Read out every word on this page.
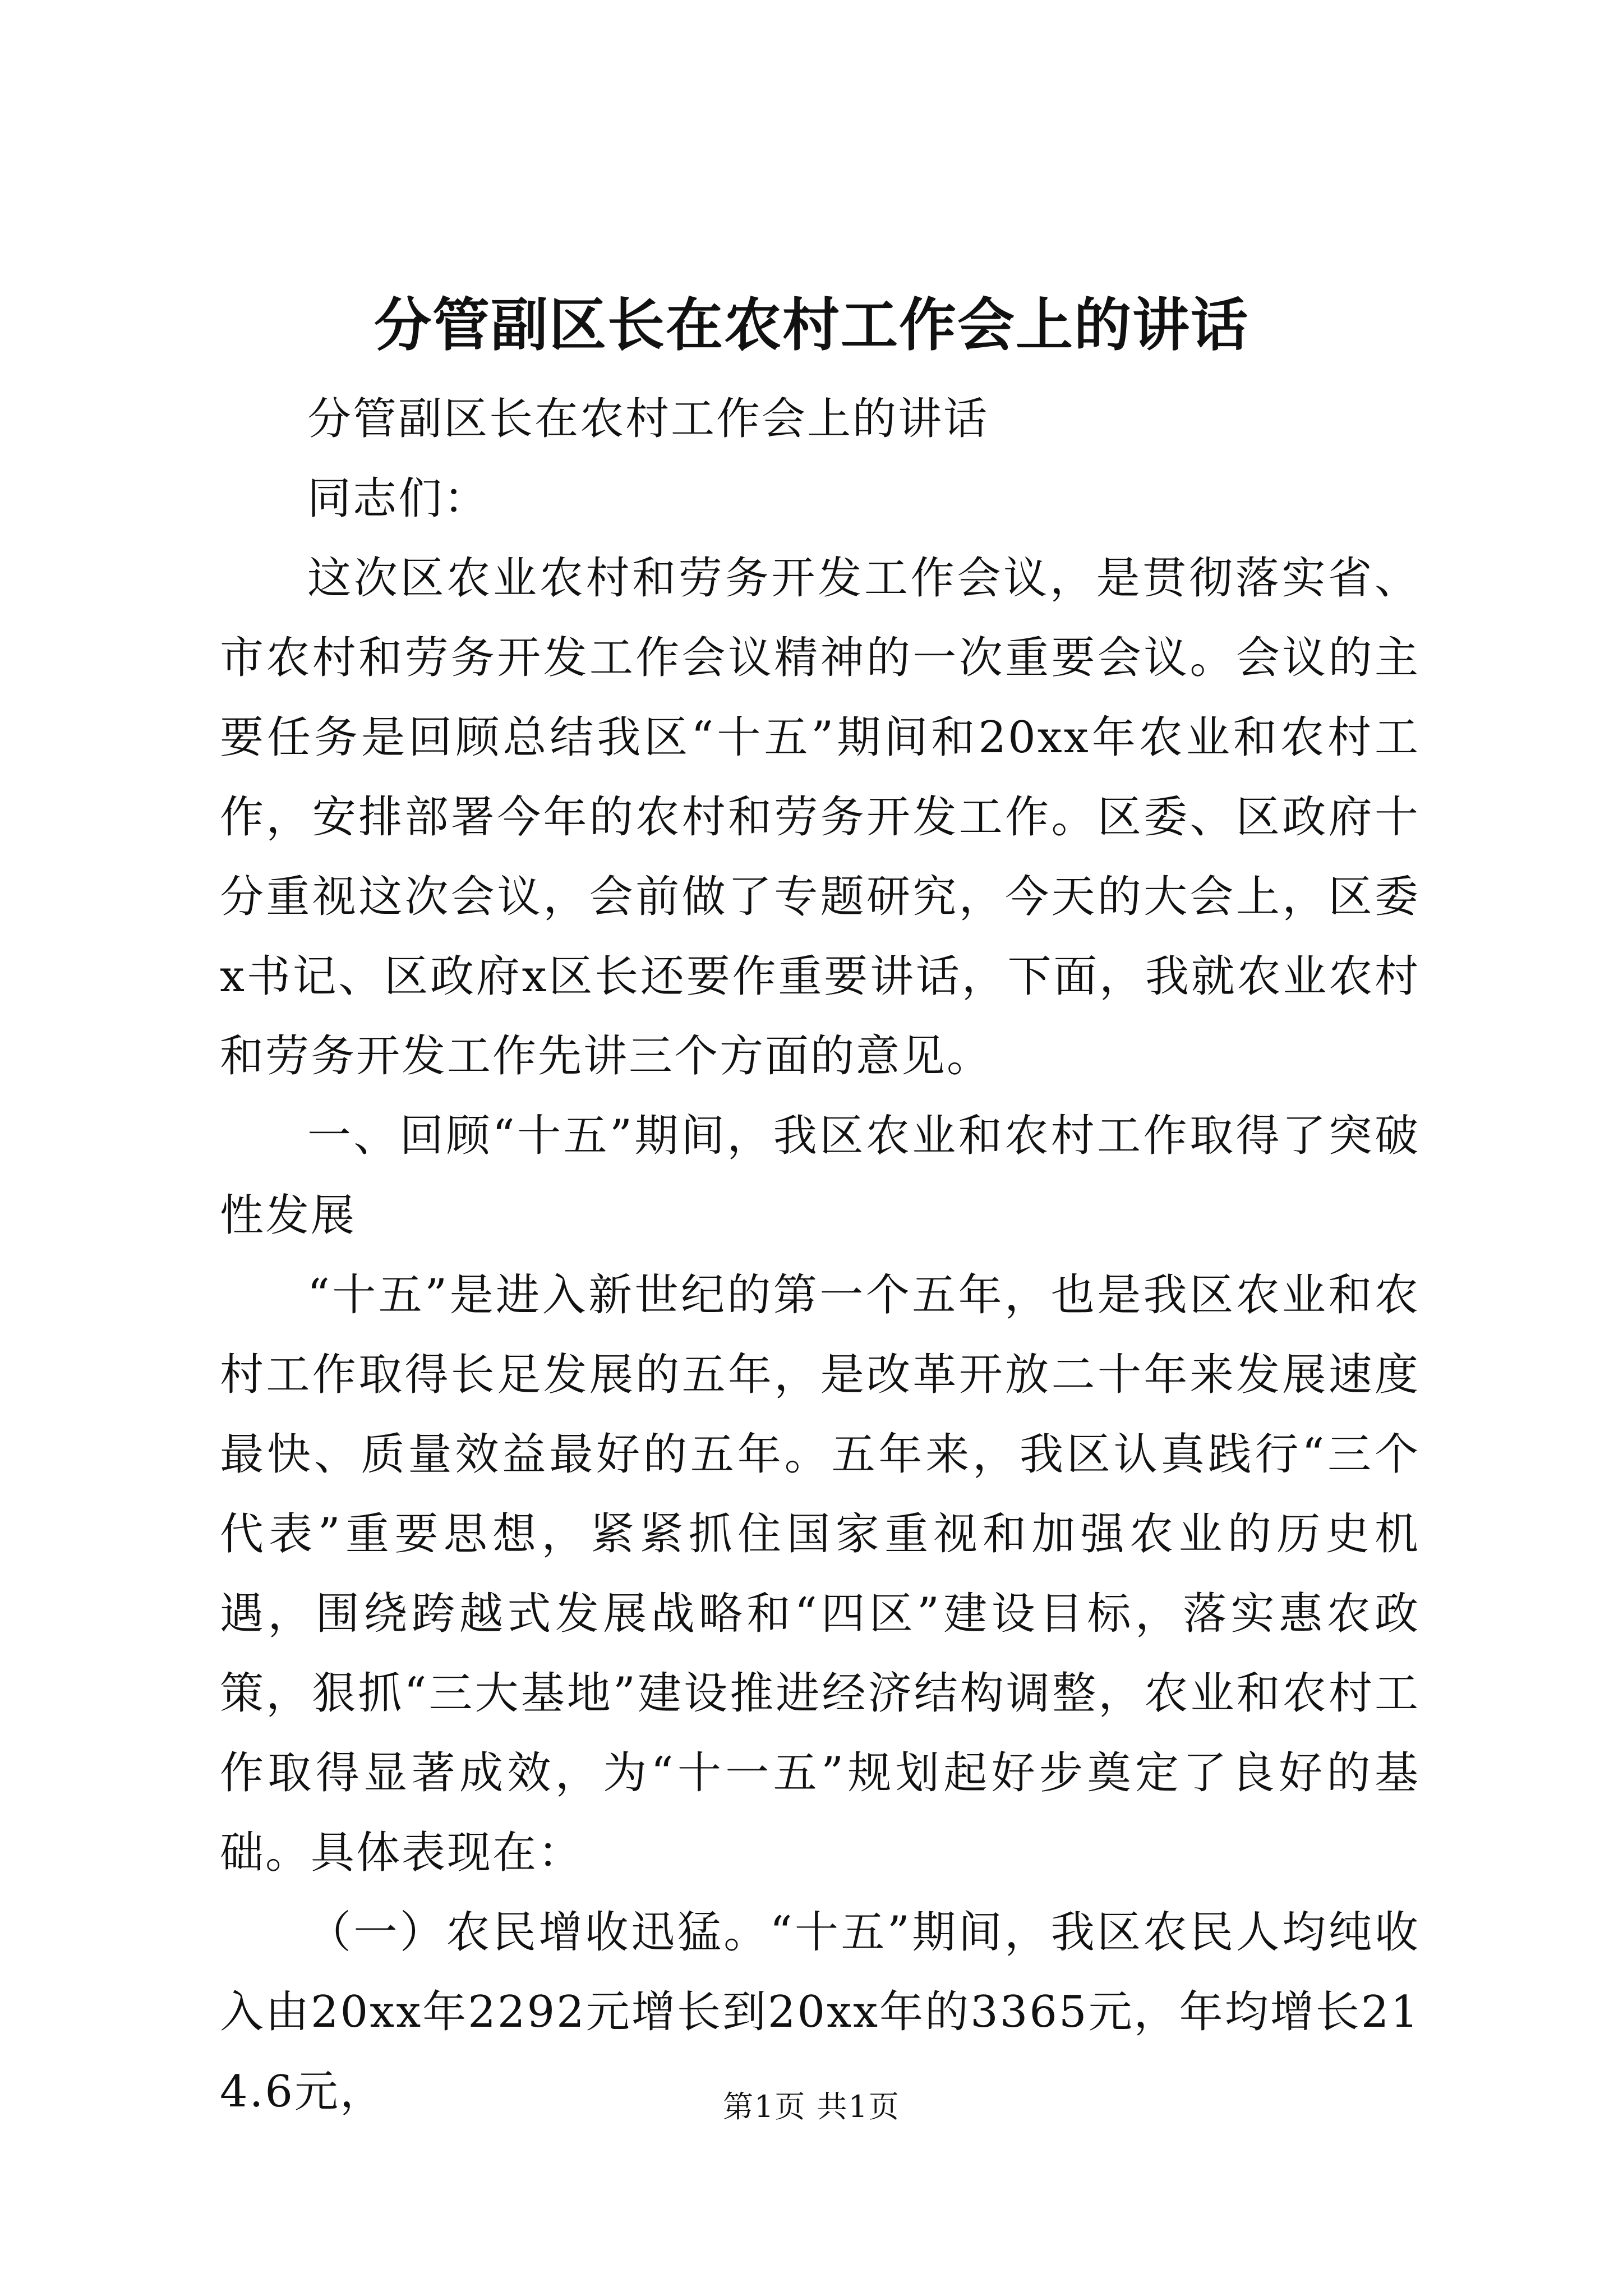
分管副区长在农村工作会上的讲话

分管副区长在农村工作会上的讲话

同志们：

这次区农业农村和劳务开发工作会议，是贯彻落实省、市农村和劳务开发工作会议精神的一次重要会议。会议的主要任务是回顾总结我区“十五”期间和20xx年农业和农村工作，安排部署今年的农村和劳务开发工作。区委、区政府十分重视这次会议，会前做了专题研究，今天的大会上，区委x书记、区政府x区长还要作重要讲话，下面，我就农业农村和劳务开发工作先讲三个方面的意见。

一、回顾“十五”期间，我区农业和农村工作取得了突破性发展

“十五”是进入新世纪的第一个五年，也是我区农业和农村工作取得长足发展的五年，是改革开放二十年来发展速度最快、质量效益最好的五年。五年来，我区认真践行“三个代表”重要思想，紧紧抓住国家重视和加强农业的历史机遇，围绕跨越式发展战略和“四区”建设目标，落实惠农政策，狠抓“三大基地”建设推进经济结构调整，农业和农村工作取得显著成效，为“十一五”规划起好步奠定了良好的基础。具体表现在：

（一）农民增收迅猛。“十五”期间，我区农民人均纯收入由20xx年2292元增长到20xx年的3365元，年均增长214.6元，	第1页 共1页
